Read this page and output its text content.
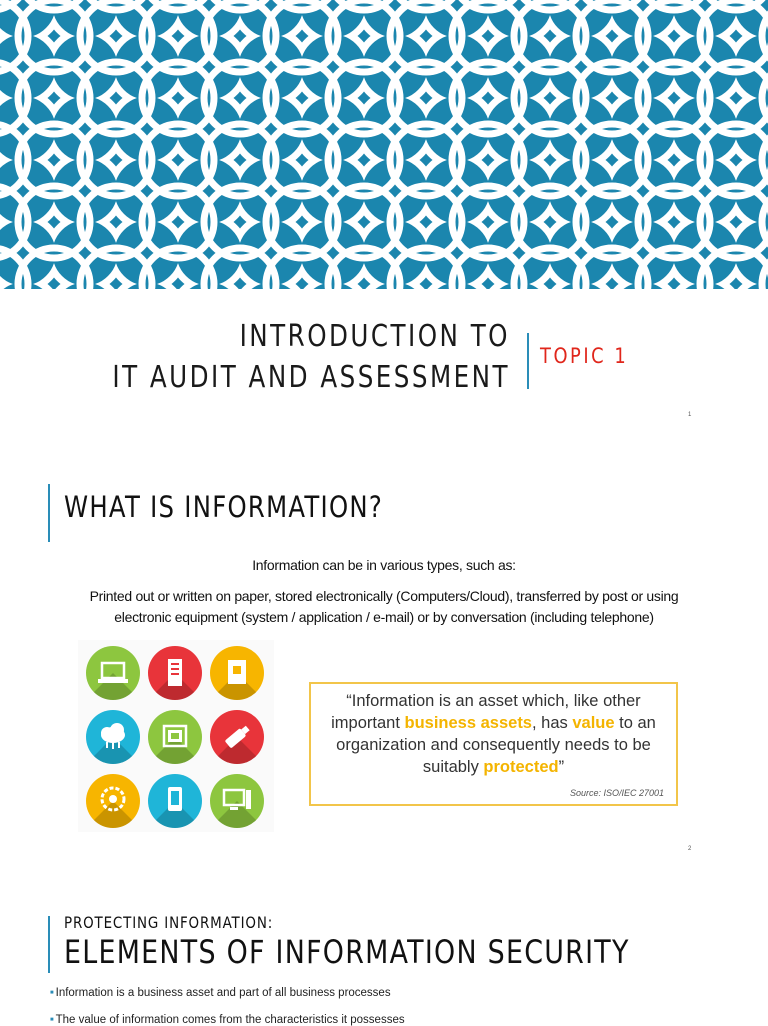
INTRODUCTION TO
IT AUDIT AND ASSESSMENT
TOPIC 1
1
WHAT IS INFORMATION?
Information can be in various types, such as:
Printed out or written on paper, stored electronically (Computers/Cloud), transferred by post or using
electronic equipment (system / application / e-mail) or by conversation (including telephone)
“Information is an asset which, like other
important business assets, has value to an
organization and consequently needs to be
suitably protected”
Source: ISO/IEC 27001
2
PROTECTING INFORMATION:
ELEMENTS OF INFORMATION SECURITY
■ Information is a business asset and part of all business processes
■ The value of information comes from the characteristics it possesses
